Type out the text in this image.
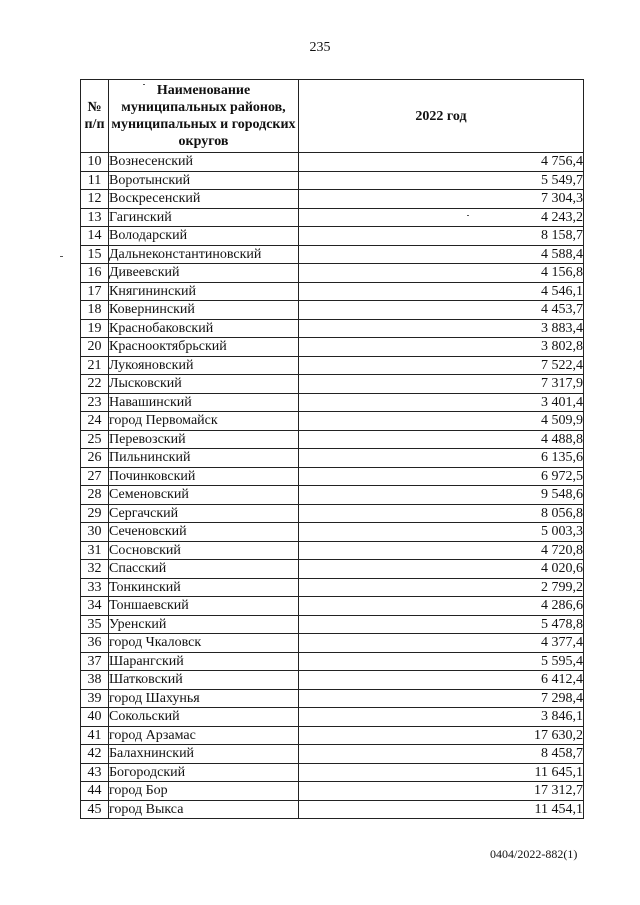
235
№ п/п	Наименование муниципальных районов, муниципальных и городских округов	2022 год
10	Вознесенский	4 756,4
11	Воротынский	5 549,7
12	Воскресенский	7 304,3
13	Гагинский	4 243,2
14	Володарский	8 158,7
15	Дальнеконстантиновский	4 588,4
16	Дивеевский	4 156,8
17	Княгининский	4 546,1
18	Ковернинский	4 453,7
19	Краснобаковский	3 883,4
20	Краснооктябрьский	3 802,8
21	Лукояновский	7 522,4
22	Лысковский	7 317,9
23	Навашинский	3 401,4
24	город Первомайск	4 509,9
25	Перевозский	4 488,8
26	Пильнинский	6 135,6
27	Починковский	6 972,5
28	Семеновский	9 548,6
29	Сергачский	8 056,8
30	Сеченовский	5 003,3
31	Сосновский	4 720,8
32	Спасский	4 020,6
33	Тонкинский	2 799,2
34	Тоншаевский	4 286,6
35	Уренский	5 478,8
36	город Чкаловск	4 377,4
37	Шарангский	5 595,4
38	Шатковский	6 412,4
39	город Шахунья	7 298,4
40	Сокольский	3 846,1
41	город Арзамас	17 630,2
42	Балахнинский	8 458,7
43	Богородский	11 645,1
44	город Бор	17 312,7
45	город Выкса	11 454,1
0404/2022-882(1)
